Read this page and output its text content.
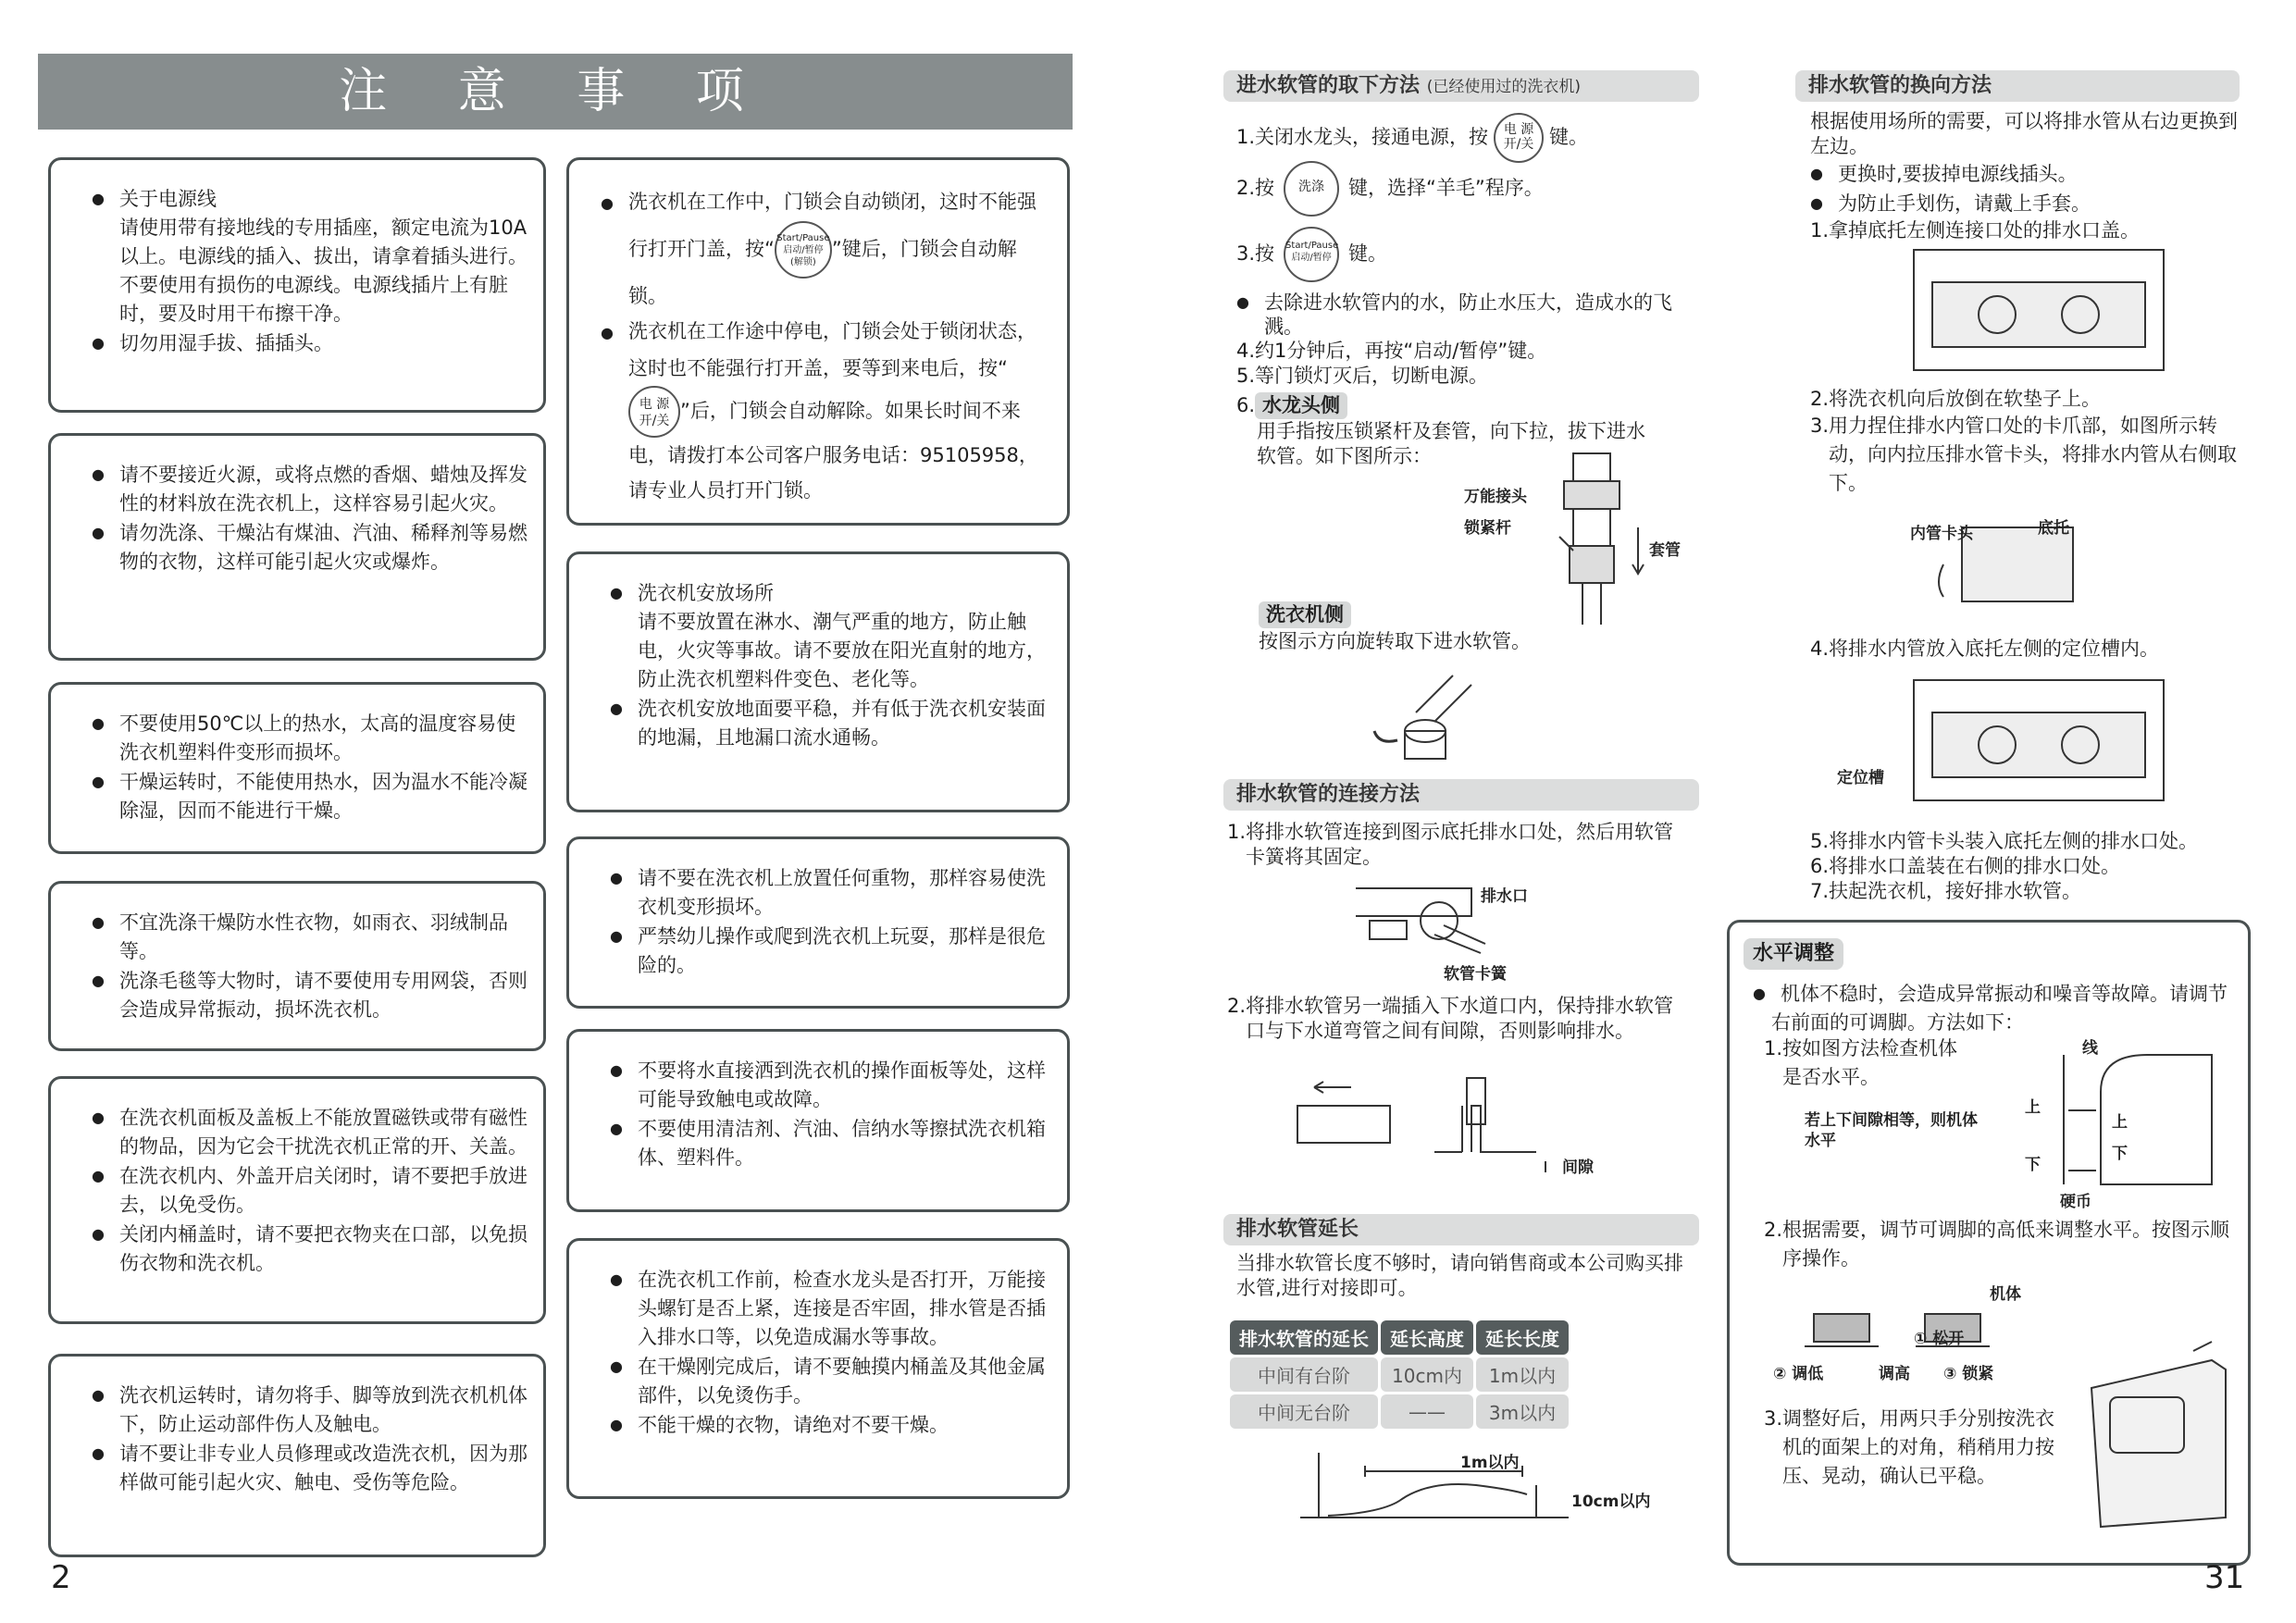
注 意 事 项

● 关于电源线
请使用带有接地线的专用插座，额定电流为10A以上。电源线的插入、拔出，请拿着插头进行。不要使用有损伤的电源线。电源线插片上有脏时，要及时用干布擦干净。

● 切勿用湿手拔、插插头。

● 请不要接近火源，或将点燃的香烟、蜡烛及挥发性的材料放在洗衣机上，这样容易引起火灾。

● 请勿洗涤、干燥沾有煤油、汽油、稀释剂等易燃物的衣物，这样可能引起火灾或爆炸。

● 不要使用50℃以上的热水，太高的温度容易使洗衣机塑料件变形而损坏。

● 干燥运转时，不能使用热水，因为温水不能冷凝除湿，因而不能进行干燥。

● 不宜洗涤干燥防水性衣物，如雨衣、羽绒制品等。

● 洗涤毛毯等大物时，请不要使用专用网袋，否则会造成异常振动，损坏洗衣机。

● 在洗衣机面板及盖板上不能放置磁铁或带有磁性的物品，因为它会干扰洗衣机正常的开、关盖。

● 在洗衣机内、外盖开启关闭时，请不要把手放进去，以免受伤。

● 关闭内桶盖时，请不要把衣物夹在口部，以免损伤衣物和洗衣机。

● 洗衣机运转时，请勿将手、脚等放到洗衣机机体下，防止运动部件伤人及触电。

● 请不要让非专业人员修理或改造洗衣机，因为那样做可能引起火灾、触电、受伤等危险。

● 洗衣机安放场所
请不要放置在淋水、潮气严重的地方，防止触电，火灾等事故。请不要放在阳光直射的地方，防止洗衣机塑料件变色、老化等。

● 洗衣机安放地面要平稳，并有低于洗衣机安装面的地漏，且地漏口流水通畅。

● 请不要在洗衣机上放置任何重物，那样容易使洗衣机变形损坏。

● 严禁幼儿操作或爬到洗衣机上玩耍，那样是很危险的。

● 不要将水直接洒到洗衣机的操作面板等处，这样可能导致触电或故障。

● 不要使用清洁剂、汽油、信纳水等擦拭洗衣机箱体、塑料件。

● 在洗衣机工作前，检查水龙头是否打开，万能接头螺钉是否上紧，连接是否牢固，排水管是否插入排水口等，以免造成漏水等事故。

● 在干燥刚完成后，请不要触摸内桶盖及其他金属部件，以免烫伤手。

● 不能干燥的衣物，请绝对不要干燥。

● 洗衣机在工作中，门锁会自动锁闭，这时不能强行打开门盖，按“ Start/Pause
启动/暂停
(解锁)”键后，门锁会自动解锁。
● 洗衣机在工作途中停电，门锁会处于锁闭状态，这时也不能强行打开盖，要等到来电后，按“电 源
开/关 ”后，门锁会自动解除。如果长时间不来电，请拨打本公司客户服务电话：95105958，请专业人员打开门锁。
2
进水软管的取下方法 (已经使用过的洗衣机)
1.关闭水龙头，接通电源，按 电 源
开/关 键。
2.按 洗涤 键，选择“羊毛”程序。
3.按 Start/Pause
启动/暂停 键。

● 去除进水软管内的水，防止水压大，造成水的飞溅。

4.约1分钟后，再按“启动/暂停”键。

5.等门锁灯灭后，切断电源。

6. 水龙头侧

用手指按压锁紧杆及套管，向下拉，拔下进水软管。如下图所示：

万能接头
锁紧杆
套管

洗衣机侧

按图示方向旋转取下进水软管。

排水软管的连接方法

1.将排水软管连接到图示底托排水口处，然后用软管卡簧将其固定。

排水口
软管卡簧

2.将排水软管另一端插入下水道口内，保持排水软管口与下水道弯管之间有间隙，否则影响排水。

间隙
排水软管延长

当排水软管长度不够时，请向销售商或本公司购买排水管,进行对接即可。

排水软管的延长	延长高度	延长长度
中间有台阶	10cm内	1m以内
中间无台阶	——	3m以内
1m以内
10cm以内
排水软管的换向方法

根据使用场所的需要，可以将排水管从右边更换到左边。

● 更换时,要拔掉电源线插头。

● 为防止手划伤，请戴上手套。

1.拿掉底托左侧连接口处的排水口盖。

2.将洗衣机向后放倒在软垫子上。

3.用力捏住排水内管口处的卡爪部，如图所示转动，向内拉压排水管卡头，将排水内管从右侧取下。

内管卡头	底托

4.将排水内管放入底托左侧的定位槽内。

定位槽

5.将排水内管卡头装入底托左侧的排水口处。

6.将排水口盖装在右侧的排水口处。

7.扶起洗衣机，接好排水软管。

水平调整

● 机体不稳时，会造成异常振动和噪音等故障。请调节右前面的可调脚。方法如下：

1.按如图方法检查机体是否水平。

若上下间隙相等，则机体水平
线
上
下
上
下
硬币

2.根据需要，调节可调脚的高低来调整水平。按图示顺序操作。

机体
① 松开
② 调低	调高 ③ 锁紧

3.调整好后，用两只手分别按洗衣机的面架上的对角，稍稍用力按压、晃动，确认已平稳。

31
